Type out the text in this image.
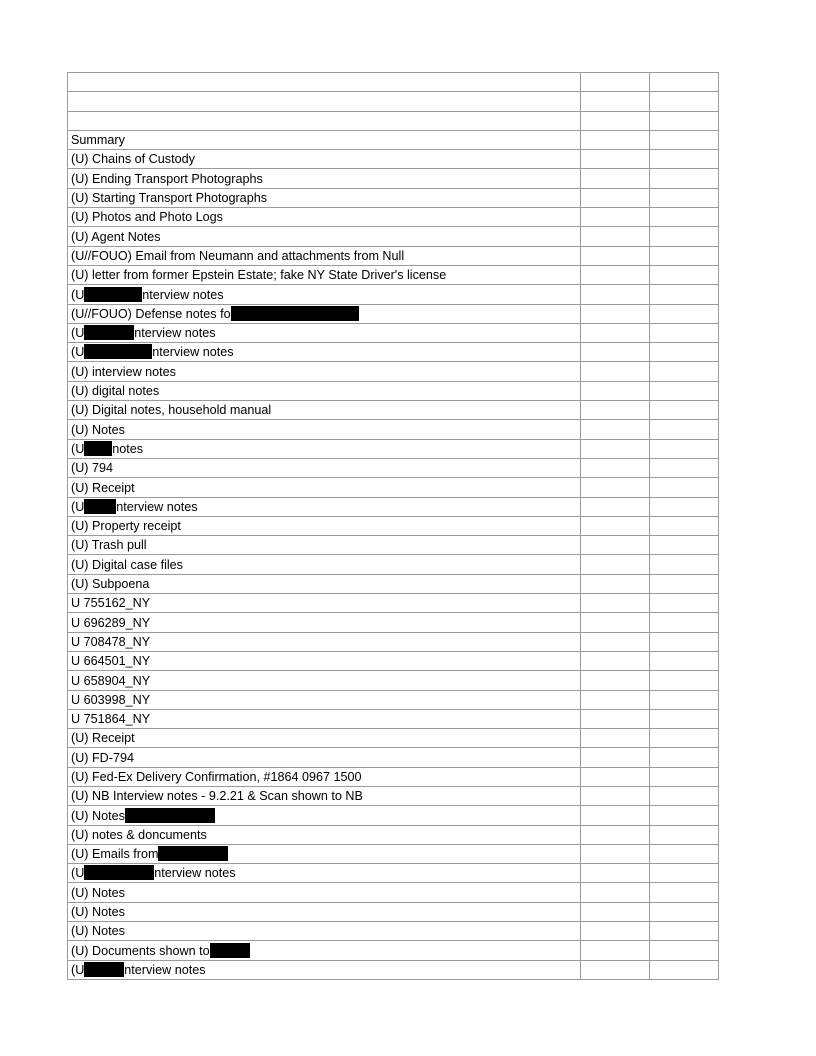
Summary		
(U) Chains of Custody		
(U) Ending Transport Photographs		
(U) Starting Transport Photographs		
(U) Photos and Photo Logs		
(U) Agent Notes		
(U//FOUO) Email from Neumann and attachments from Null		
(U) letter from former Epstein Estate; fake NY State Driver's license		
(U nterview notes		
(U//FOUO) Defense notes fo		
(U nterview notes		
(U nterview notes		
(U) interview notes		
(U) digital notes		
(U) Digital notes, household manual		
(U) Notes		
(U notes		
(U) 794		
(U) Receipt		
(U nterview notes		
(U) Property receipt		
(U) Trash pull		
(U) Digital case files		
(U) Subpoena		
U 755162_NY		
U 696289_NY		
U 708478_NY		
U 664501_NY		
U 658904_NY		
U 603998_NY		
U 751864_NY		
(U) Receipt		
(U) FD-794		
(U) Fed-Ex Delivery Confirmation, #1864 0967 1500		
(U) NB Interview notes - 9.2.21 & Scan shown to NB		
(U) Notes		
(U) notes & doncuments		
(U) Emails from		
(U nterview notes		
(U) Notes		
(U) Notes		
(U) Notes		
(U) Documents shown to		
(U nterview notes		
